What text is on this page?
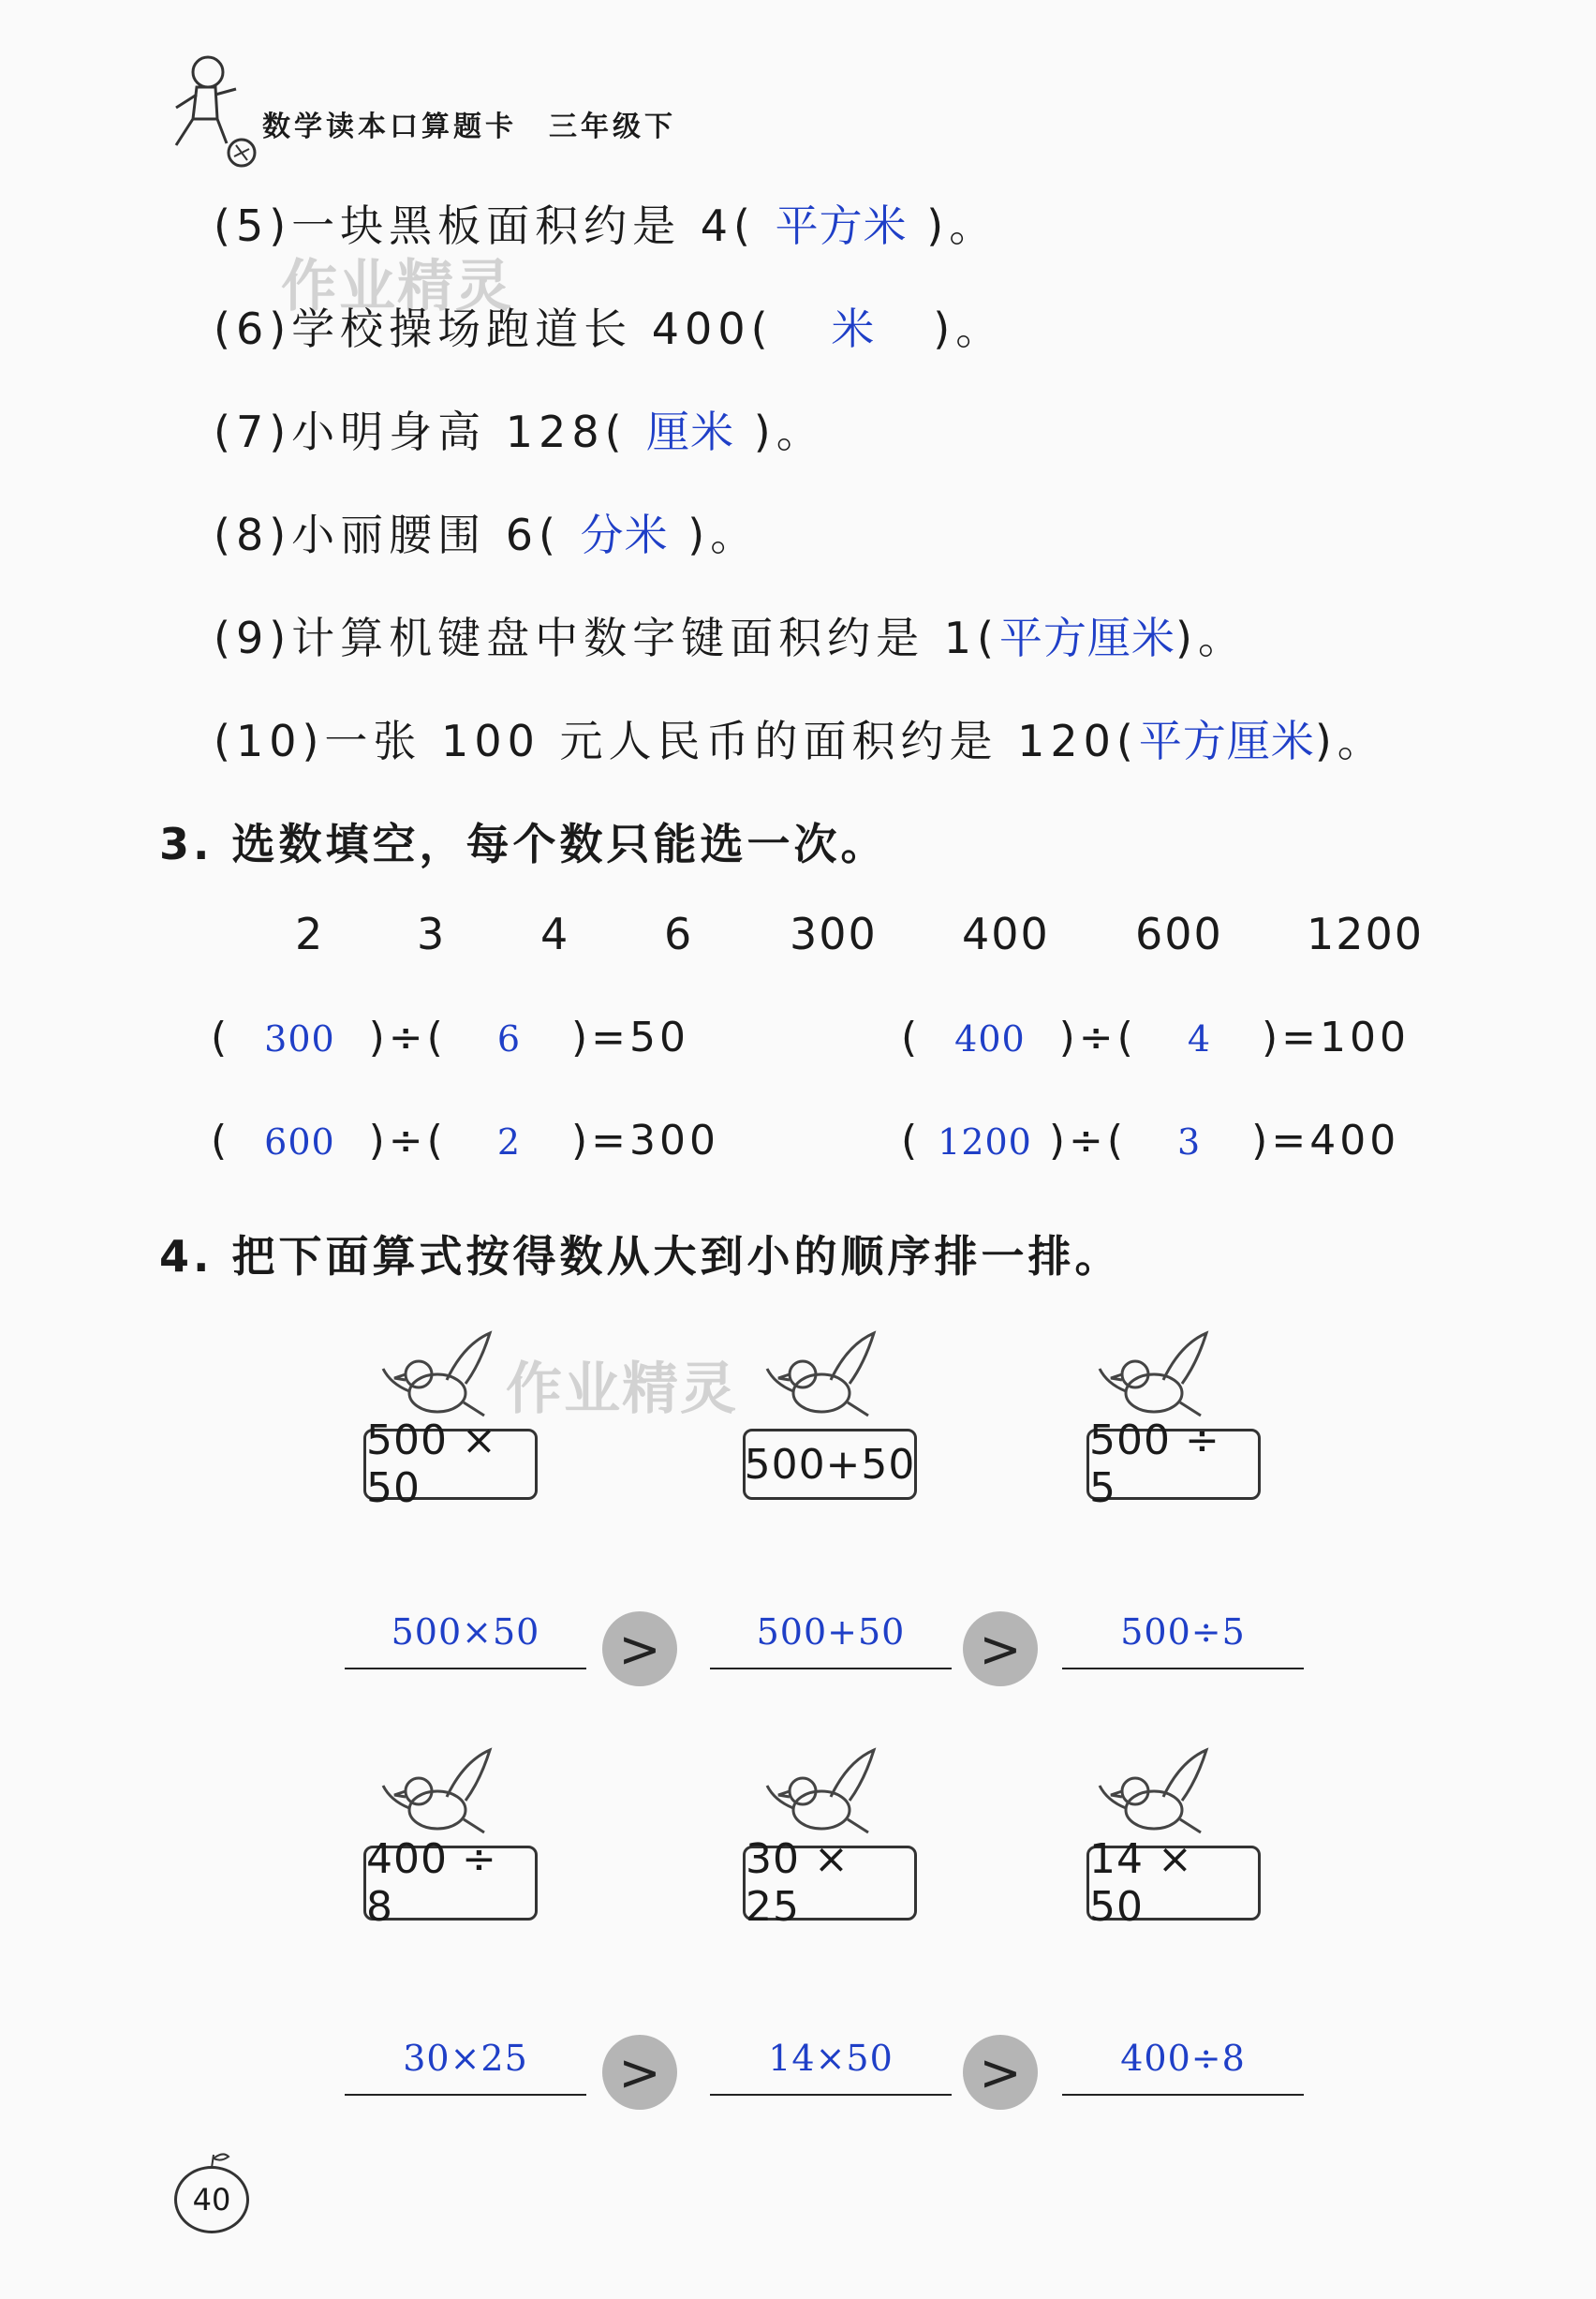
数学读本口算题卡　三年级下
作业精灵
(5)一块黑板面积约是 4( 平方米 )。
(6)学校操场跑道长 400( 米 )。
(7)小明身高 128( 厘米 )。
(8)小丽腰围 6( 分米 )。
(9)计算机键盘中数字键面积约是 1(平方厘米)。
(10)一张 100 元人民币的面积约是 120(平方厘米)。
3. 选数填空，每个数只能选一次。
2 3 4 6 300 400 600 1200
(  300  )÷(   6   )=50	(  400  )÷(   4   )=100
(  600  )÷(   2   )=300	( 1200 )÷(   3   )=400
4. 把下面算式按得数从大到小的顺序排一排。
作业精灵
500 × 50	500+50	500 ÷ 5
500×50	>	500+50	>	500÷5
400 ÷ 8
30 × 25
14 × 50
30×25	>	14×50	>	400÷8
40
